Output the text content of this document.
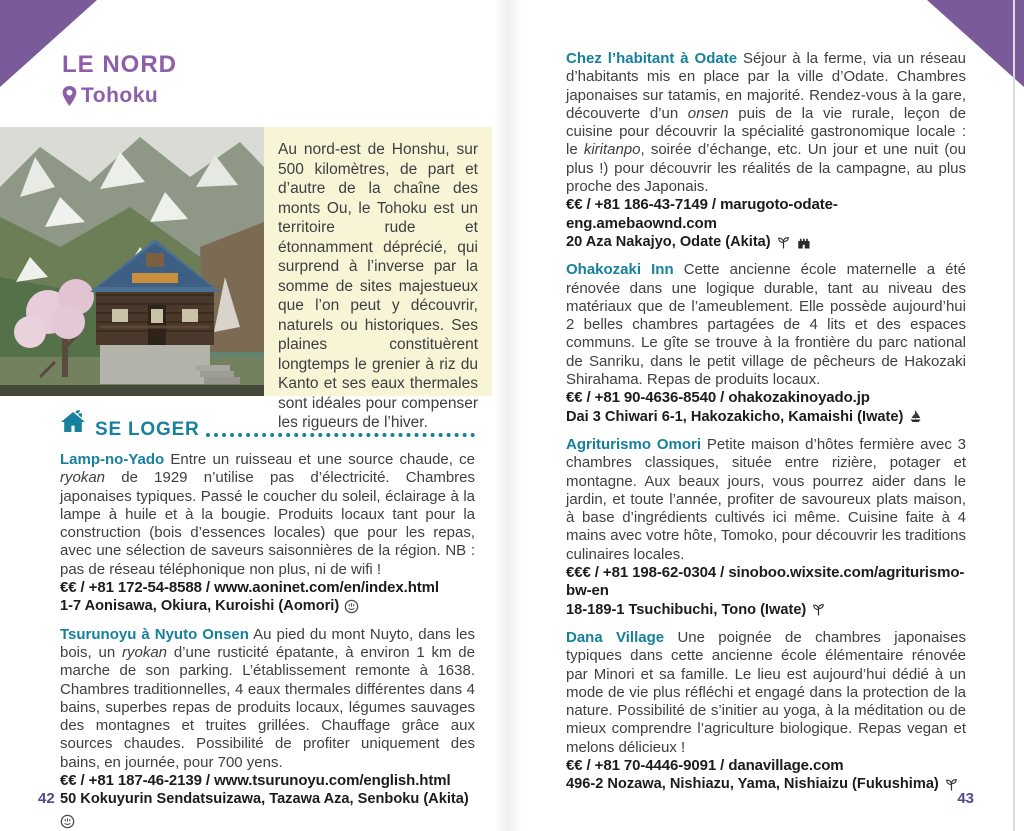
LE NORD
Tohoku

Au nord-est de Honshu, sur 500 kilomètres, de part et d’autre de la chaîne des monts Ou, le Tohoku est un territoire rude et étonnamment déprécié, qui surprend à l’inverse par la somme de sites majestueux que l’on peut y découvrir, naturels ou historiques. Ses plaines constituèrent longtemps le grenier à riz du Kanto et ses eaux thermales sont idéales pour compenser les rigueurs de l’hiver.

SE LOGER

Lamp-no-Yado Entre un ruisseau et une source chaude, ce ryokan de 1929 n’utilise pas d’électricité. Chambres japonaises typiques. Passé le coucher du soleil, éclairage à la lampe à huile et à la bougie. Produits locaux tant pour la construction (bois d’essences locales) que pour les repas, avec une sélection de saveurs saisonnières de la région. NB : pas de réseau téléphonique non plus, ni de wifi !

€€ / +81 172-54-8588 / www.aoninet.com/en/index.html
1-7 Aonisawa, Okiura, Kuroishi (Aomori)

Tsurunoyu à Nyuto Onsen Au pied du mont Nuyto, dans les bois, un ryokan d’une rusticité épatante, à environ 1 km de marche de son parking. L’établissement remonte à 1638. Chambres traditionnelles, 4 eaux thermales différentes dans 4 bains, superbes repas de produits locaux, légumes sauvages des montagnes et truites grillées. Chauffage grâce aux sources chaudes. Possibilité de profiter uniquement des bains, en journée, pour 700 yens.

€€ / +81 187-46-2139 / www.tsurunoyu.com/english.html
50 Kokuyurin Sendatsuizawa, Tazawa Aza, Senboku (Akita)
42

Chez l’habitant à Odate Séjour à la ferme, via un réseau d’habitants mis en place par la ville d’Odate. Chambres japonaises sur tatamis, en majorité. Rendez-vous à la gare, découverte d’un onsen puis de la vie rurale, leçon de cuisine pour découvrir la spécialité gastronomique locale : le kiritanpo, soirée d’échange, etc. Un jour et une nuit (ou plus !) pour découvrir les réalités de la campagne, au plus proche des Japonais.

€€ / +81 186-43-7149 / marugoto-odate-eng.amebaownd.com
20 Aza Nakajyo, Odate (Akita)

Ohakozaki Inn Cette ancienne école maternelle a été rénovée dans une logique durable, tant au niveau des matériaux que de l’ameublement. Elle possède aujourd’hui 2 belles chambres partagées de 4 lits et des espaces communs. Le gîte se trouve à la frontière du parc national de Sanriku, dans le petit village de pêcheurs de Hakozaki Shirahama. Repas de produits locaux.

€€ / +81 90-4636-8540 / ohakozakinoyado.jp
Dai 3 Chiwari 6-1, Hakozakicho, Kamaishi (Iwate)

Agriturismo Omori Petite maison d’hôtes fermière avec 3 chambres classiques, située entre rizière, potager et montagne. Aux beaux jours, vous pourrez aider dans le jardin, et toute l’année, profiter de savoureux plats maison, à base d’ingrédients cultivés ici même. Cuisine faite à 4 mains avec votre hôte, Tomoko, pour découvrir les traditions culinaires locales.

€€€ / +81 198-62-0304 / sinoboo.wixsite.com/agriturismo-bw-en
18-189-1 Tsuchibuchi, Tono (Iwate)

Dana Village Une poignée de chambres japonaises typiques dans cette ancienne école élémentaire rénovée par Minori et sa famille. Le lieu est aujourd’hui dédié à un mode de vie plus réfléchi et engagé dans la protection de la nature. Possibilité de s’initier au yoga, à la méditation ou de mieux comprendre l’agriculture biologique. Repas vegan et melons délicieux !

€€ / +81 70-4446-9091 / danavillage.com
496-2 Nozawa, Nishiazu, Yama, Nishiaizu (Fukushima)
43
